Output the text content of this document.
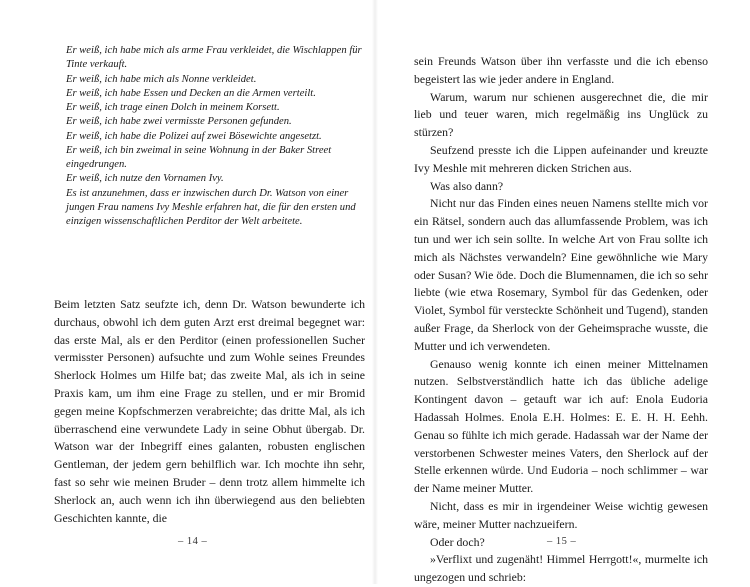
Er weiß, ich habe mich als arme Frau verkleidet, die Wischlappen für Tinte verkauft.
Er weiß, ich habe mich als Nonne verkleidet.
Er weiß, ich habe Essen und Decken an die Armen verteilt.
Er weiß, ich trage einen Dolch in meinem Korsett.
Er weiß, ich habe zwei vermisste Personen gefunden.
Er weiß, ich habe die Polizei auf zwei Bösewichte angesetzt.
Er weiß, ich bin zweimal in seine Wohnung in der Baker Street eingedrungen.
Er weiß, ich nutze den Vornamen Ivy.
Es ist anzunehmen, dass er inzwischen durch Dr. Watson von einer jungen Frau namens Ivy Meshle erfahren hat, die für den ersten und einzigen wissenschaftlichen Perditor der Welt arbeitete.

Beim letzten Satz seufzte ich, denn Dr. Watson bewunderte ich durchaus, obwohl ich dem guten Arzt erst dreimal begegnet war: das erste Mal, als er den Perditor (einen professionellen Sucher vermisster Personen) aufsuchte und zum Wohle seines Freundes Sherlock Holmes um Hilfe bat; das zweite Mal, als ich in seine Praxis kam, um ihm eine Frage zu stellen, und er mir Bromid gegen meine Kopfschmerzen verabreichte; das dritte Mal, als ich überraschend eine verwundete Lady in seine Obhut übergab. Dr. Watson war der Inbegriff eines galanten, robusten englischen Gentleman, der jedem gern behilflich war. Ich mochte ihn sehr, fast so sehr wie meinen Bruder – denn trotz allem himmelte ich Sherlock an, auch wenn ich ihn überwiegend aus den beliebten Geschichten kannte, die

– 14 –

sein Freunds Watson über ihn verfasste und die ich ebenso begeistert las wie jeder andere in England.

Warum, warum nur schienen ausgerechnet die, die mir lieb und teuer waren, mich regelmäßig ins Unglück zu stürzen?

Seufzend presste ich die Lippen aufeinander und kreuzte Ivy Meshle mit mehreren dicken Strichen aus.

Was also dann?

Nicht nur das Finden eines neuen Namens stellte mich vor ein Rätsel, sondern auch das allumfassende Problem, was ich tun und wer ich sein sollte. In welche Art von Frau sollte ich mich als Nächstes verwandeln? Eine gewöhnliche wie Mary oder Susan? Wie öde. Doch die Blumennamen, die ich so sehr liebte (wie etwa Rosemary, Symbol für das Gedenken, oder Violet, Symbol für versteckte Schönheit und Tugend), standen außer Frage, da Sherlock von der Geheimsprache wusste, die Mutter und ich verwendeten.

Genauso wenig konnte ich einen meiner Mittelnamen nutzen. Selbstverständlich hatte ich das übliche adelige Kontingent davon – getauft war ich auf: Enola Eudoria Hadassah Holmes. Enola E.H. Holmes: E. E. H. H. Eehh. Genau so fühlte ich mich gerade. Hadassah war der Name der verstorbenen Schwester meines Vaters, den Sherlock auf der Stelle erkennen würde. Und Eudoria – noch schlimmer – war der Name meiner Mutter.

Nicht, dass es mir in irgendeiner Weise wichtig gewesen wäre, meiner Mutter nachzueifern.

Oder doch?

»Verflixt und zugenäht! Himmel Herrgott!«, murmelte ich ungezogen und schrieb:

– 15 –
